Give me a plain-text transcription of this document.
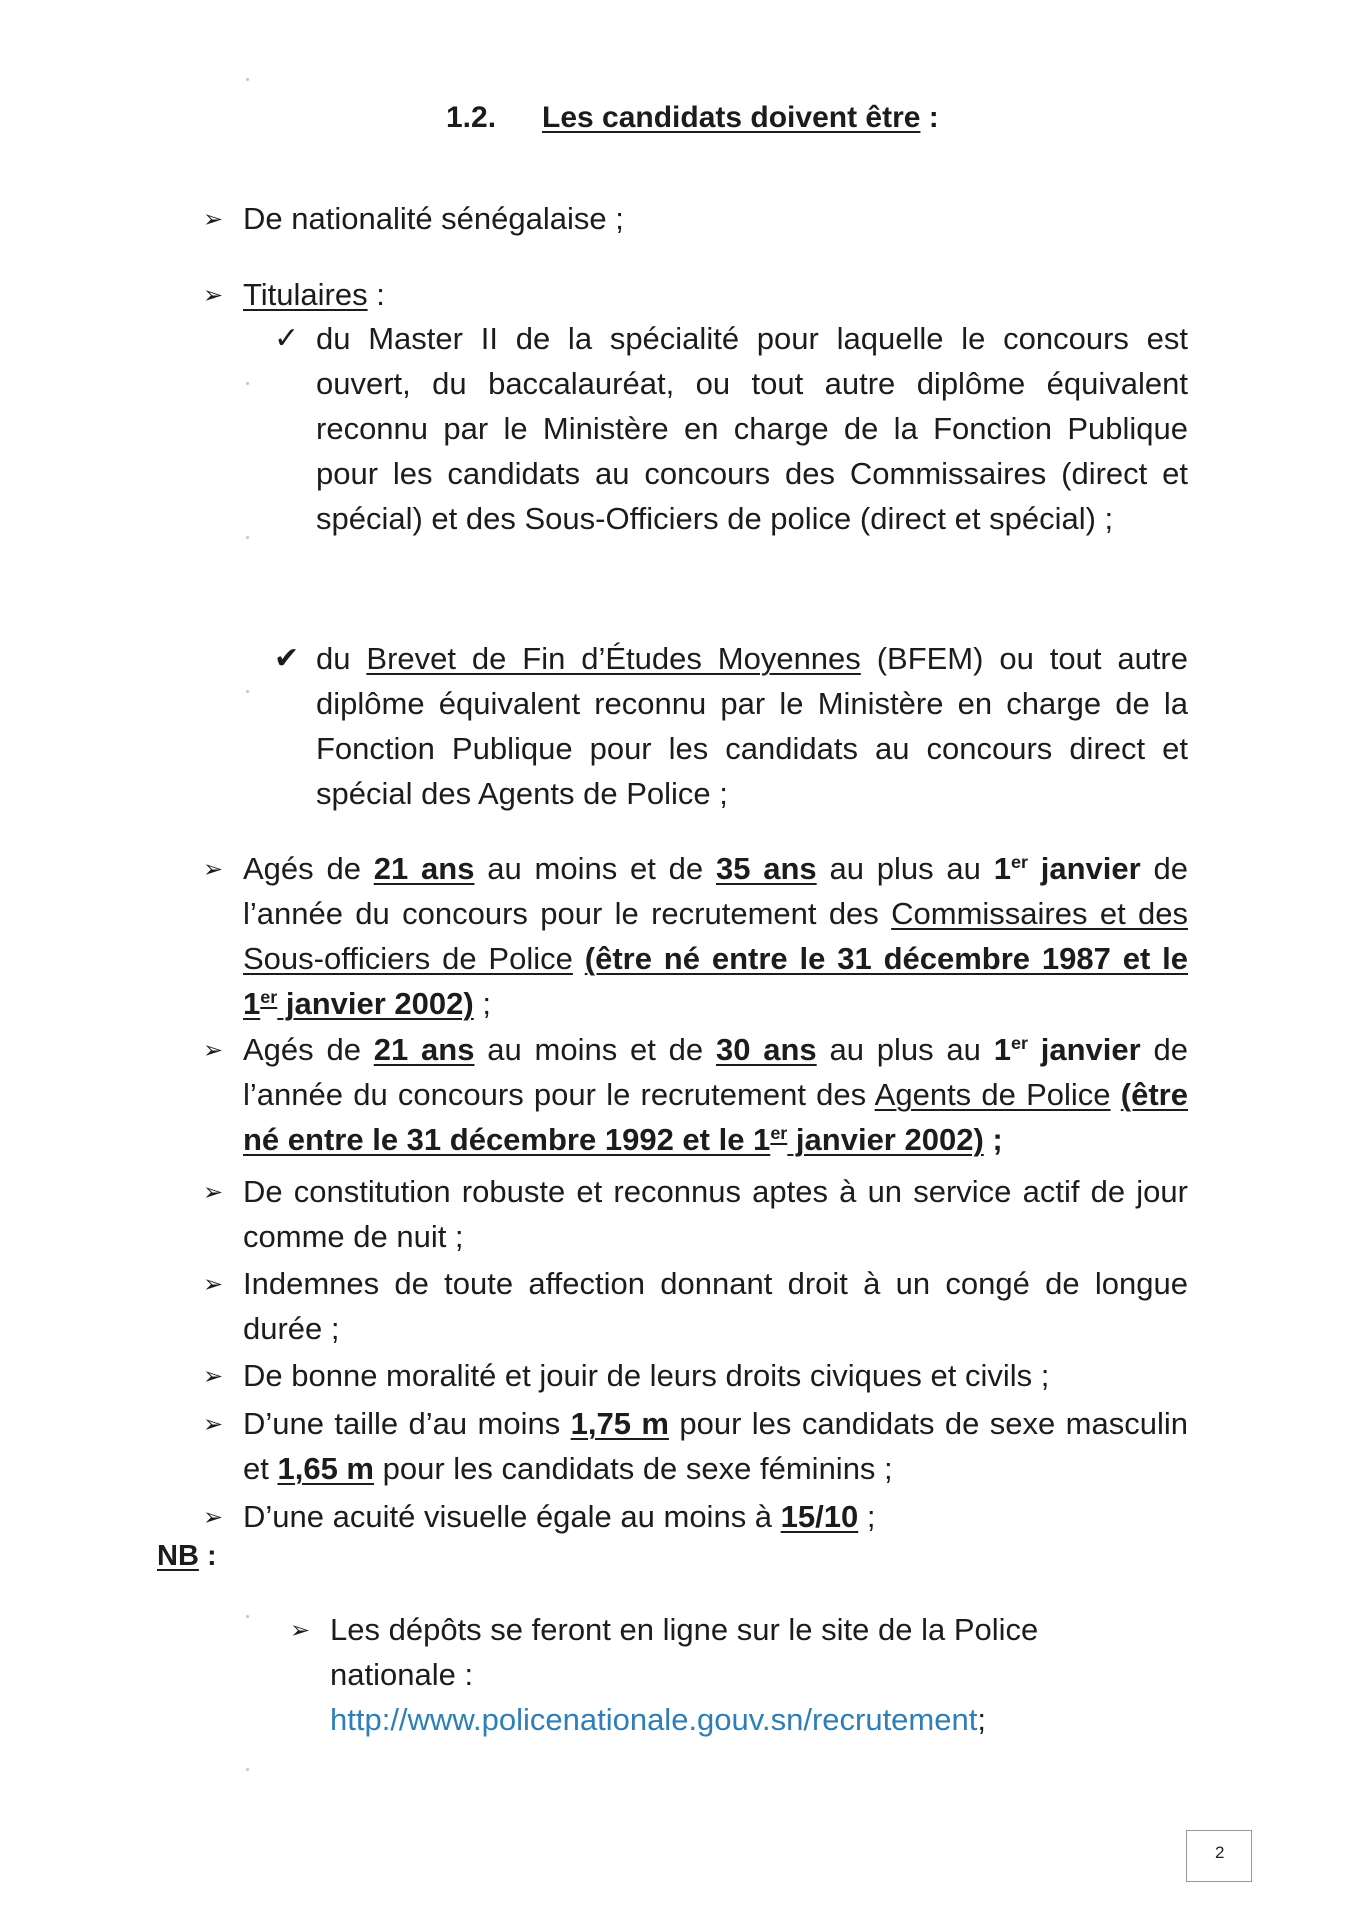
1.2. Les candidats doivent être :
➢ De nationalité sénégalaise ;
➢ Titulaires :
✓ du Master II de la spécialité pour laquelle le concours est ouvert, du baccalauréat, ou tout autre diplôme équivalent reconnu par le Ministère en charge de la Fonction Publique pour les candidats au concours des Commissaires (direct et spécial) et des Sous-Officiers de police (direct et spécial) ;
✔ du Brevet de Fin d’Études Moyennes (BFEM) ou tout autre diplôme équivalent reconnu par le Ministère en charge de la Fonction Publique pour les candidats au concours direct et spécial des Agents de Police ;
➢ Agés de 21 ans au moins et de 35 ans au plus au 1er janvier de l’année du concours pour le recrutement des Commissaires et des Sous-officiers de Police (être né entre le 31 décembre 1987 et le 1er janvier 2002) ;
➢ Agés de 21 ans au moins et de 30 ans au plus au 1er janvier de l’année du concours pour le recrutement des Agents de Police (être né entre le 31 décembre 1992 et le 1er janvier 2002) ;
➢ De constitution robuste et reconnus aptes à un service actif de jour comme de nuit ;
➢ Indemnes de toute affection donnant droit à un congé de longue durée ;
➢ De bonne moralité et jouir de leurs droits civiques et civils ;
➢ D’une taille d’au moins 1,75 m pour les candidats de sexe masculin et 1,65 m pour les candidats de sexe féminins ;
➢ D’une acuité visuelle égale au moins à 15/10 ;
NB :
➢ Les dépôts se feront en ligne sur le site de la Police nationale :
http://www.policenationale.gouv.sn/recrutement;
2
